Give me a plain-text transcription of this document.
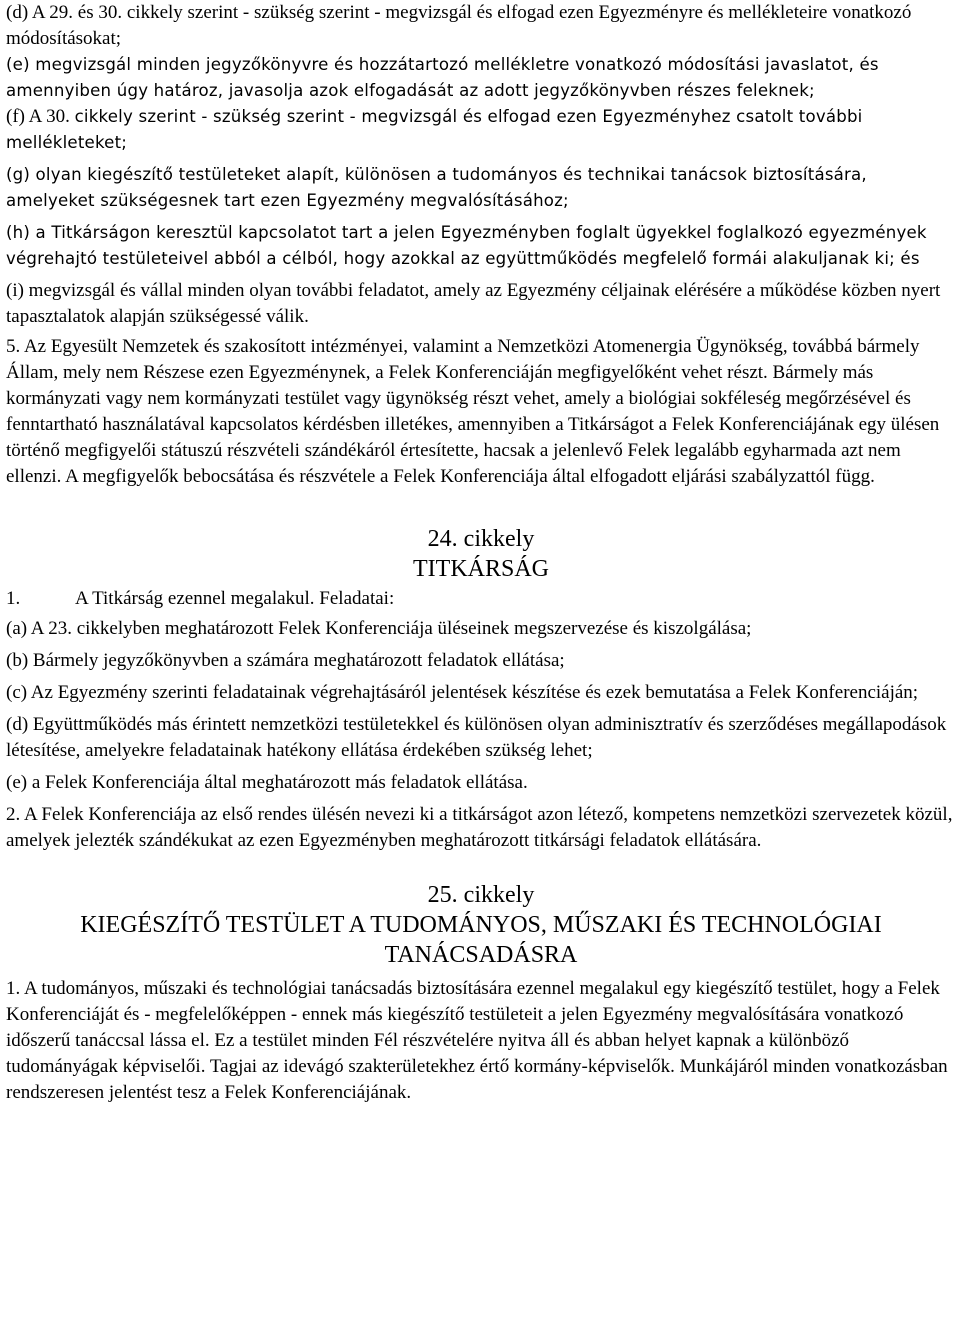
(d) A 29. és 30. cikkely szerint - szükség szerint - megvizsgál és elfogad ezen Egyezményre és mellékleteire vonatkozó módosításokat;

(e) megvizsgál minden jegyzőkönyvre és hozzátartozó mellékletre vonatkozó módosítási javaslatot, és amennyiben úgy határoz, javasolja azok elfogadását az adott jegyzőkönyvben részes feleknek;

(f) A 30. cikkely szerint - szükség szerint - megvizsgál és elfogad ezen Egyezményhez csatolt további mellékleteket;

(g) olyan kiegészítő testületeket alapít, különösen a tudományos és technikai tanácsok biztosítására, amelyeket szükségesnek tart ezen Egyezmény megvalósításához;

(h) a Titkárságon keresztül kapcsolatot tart a jelen Egyezményben foglalt ügyekkel foglalkozó egyezmények végrehajtó testületeivel abból a célból, hogy azokkal az együttműködés megfelelő formái alakuljanak ki; és

(i) megvizsgál és vállal minden olyan további feladatot, amely az Egyezmény céljainak elérésére a működése közben nyert tapasztalatok alapján szükségessé válik.

5. Az Egyesült Nemzetek és szakosított intézményei, valamint a Nemzetközi Atomenergia Ügynökség, továbbá bármely Állam, mely nem Részese ezen Egyezménynek, a Felek Konferenciáján megfigyelőként vehet részt. Bármely más kormányzati vagy nem kormányzati testület vagy ügynökség részt vehet, amely a biológiai sokféleség megőrzésével és fenntartható használatával kapcsolatos kérdésben illetékes, amennyiben a Titkárságot a Felek Konferenciájának egy ülésen történő megfigyelői státuszú részvételi szándékáról értesítette, hacsak a jelenlevő Felek legalább egyharmada azt nem ellenzi. A megfigyelők bebocsátása és részvétele a Felek Konferenciája által elfogadott eljárási szabályzattól függ.

24. cikkely

TITKÁRSÁG

1.	A Titkárság ezennel megalakul. Feladatai:

(a) A 23. cikkelyben meghatározott Felek Konferenciája üléseinek megszervezése és kiszolgálása;

(b) Bármely jegyzőkönyvben a számára meghatározott feladatok ellátása;

(c) Az Egyezmény szerinti feladatainak végrehajtásáról jelentések készítése és ezek bemutatása a Felek Konferenciáján;

(d) Együttműködés más érintett nemzetközi testületekkel és különösen olyan adminisztratív és szerződéses megállapodások létesítése, amelyekre feladatainak hatékony ellátása érdekében szükség lehet;

(e) a Felek Konferenciája által meghatározott más feladatok ellátása.

2. A Felek Konferenciája az első rendes ülésén nevezi ki a titkárságot azon létező, kompetens nemzetközi szervezetek közül, amelyek jelezték szándékukat az ezen Egyezményben meghatározott titkársági feladatok ellátására.

25. cikkely

KIEGÉSZÍTŐ TESTÜLET A TUDOMÁNYOS, MŰSZAKI ÉS TECHNOLÓGIAI TANÁCSADÁSRA

1. A tudományos, műszaki és technológiai tanácsadás biztosítására ezennel megalakul egy kiegészítő testület, hogy a Felek Konferenciáját és - megfelelőképpen - ennek más kiegészítő testületeit a jelen Egyezmény megvalósítására vonatkozó időszerű tanáccsal lássa el. Ez a testület minden Fél részvételére nyitva áll és abban helyet kapnak a különböző tudományágak képviselői. Tagjai az idevágó szakterületekhez értő kormány-képviselők. Munkájáról minden vonatkozásban rendszeresen jelentést tesz a Felek Konferenciájának.
